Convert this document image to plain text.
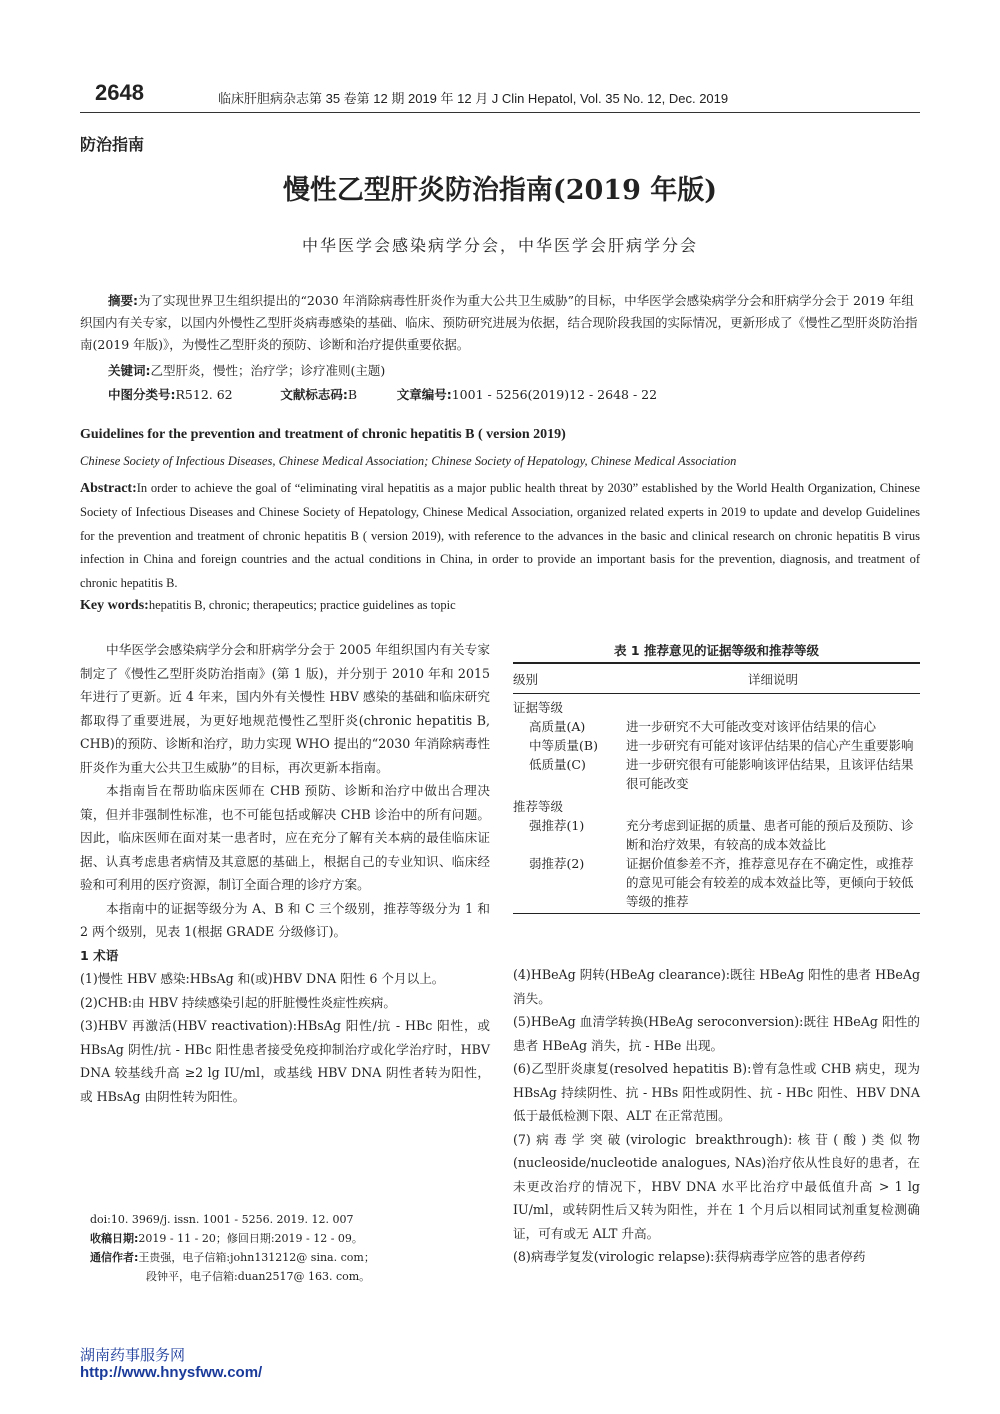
2648	临床肝胆病杂志第 35 卷第 12 期 2019 年 12 月 J Clin Hepatol, Vol. 35 No. 12, Dec. 2019
防治指南
慢性乙型肝炎防治指南(2019 年版)
中华医学会感染病学分会，中华医学会肝病学分会
摘要:为了实现世界卫生组织提出的“2030 年消除病毒性肝炎作为重大公共卫生威胁”的目标，中华医学会感染病学分会和肝病学分会于 2019 年组织国内有关专家，以国内外慢性乙型肝炎病毒感染的基础、临床、预防研究进展为依据，结合现阶段我国的实际情况，更新形成了《慢性乙型肝炎防治指南(2019 年版)》，为慢性乙型肝炎的预防、诊断和治疗提供重要依据。
关键词:乙型肝炎，慢性；治疗学；诊疗准则(主题)
中图分类号:R512. 62	文献标志码:B	文章编号:1001 - 5256(2019)12 - 2648 - 22
Guidelines for the prevention and treatment of chronic hepatitis B ( version 2019)
Chinese Society of Infectious Diseases, Chinese Medical Association; Chinese Society of Hepatology, Chinese Medical Association
Abstract:In order to achieve the goal of “eliminating viral hepatitis as a major public health threat by 2030” established by the World Health Organization, Chinese Society of Infectious Diseases and Chinese Society of Hepatology, Chinese Medical Association, organized related experts in 2019 to update and develop Guidelines for the prevention and treatment of chronic hepatitis B ( version 2019), with reference to the advances in the basic and clinical research on chronic hepatitis B virus infection in China and foreign countries and the actual conditions in China, in order to provide an important basis for the prevention, diagnosis, and treatment of chronic hepatitis B.
Key words:hepatitis B, chronic; therapeutics; practice guidelines as topic

中华医学会感染病学分会和肝病学分会于 2005 年组织国内有关专家制定了《慢性乙型肝炎防治指南》(第 1 版)，并分别于 2010 年和 2015 年进行了更新。近 4 年来，国内外有关慢性 HBV 感染的基础和临床研究都取得了重要进展，为更好地规范慢性乙型肝炎(chronic hepatitis B, CHB)的预防、诊断和治疗，助力实现 WHO 提出的“2030 年消除病毒性肝炎作为重大公共卫生威胁”的目标，再次更新本指南。

本指南旨在帮助临床医师在 CHB 预防、诊断和治疗中做出合理决策，但并非强制性标准，也不可能包括或解决 CHB 诊治中的所有问题。因此，临床医师在面对某一患者时，应在充分了解有关本病的最佳临床证据、认真考虑患者病情及其意愿的基础上，根据自己的专业知识、临床经验和可利用的医疗资源，制订全面合理的诊疗方案。

本指南中的证据等级分为 A、B 和 C 三个级别，推荐等级分为 1 和 2 两个级别，见表 1(根据 GRADE 分级修订)。

1 术语

(1)慢性 HBV 感染:HBsAg 和(或)HBV DNA 阳性 6 个月以上。

(2)CHB:由 HBV 持续感染引起的肝脏慢性炎症性疾病。

(3)HBV 再激活(HBV reactivation):HBsAg 阳性/抗 - HBc 阳性，或 HBsAg 阴性/抗 - HBc 阳性患者接受免疫抑制治疗或化学治疗时，HBV DNA 较基线升高 ≥2 lg IU/ml，或基线 HBV DNA 阴性者转为阳性，或 HBsAg 由阴性转为阳性。

表 1 推荐意见的证据等级和推荐等级
级别	详细说明
证据等级
高质量(A)	进一步研究不大可能改变对该评估结果的信心
中等质量(B)	进一步研究有可能对该评估结果的信心产生重要影响
低质量(C)	进一步研究很有可能影响该评估结果，且该评估结果很可能改变
推荐等级
强推荐(1)	充分考虑到证据的质量、患者可能的预后及预防、诊断和治疗效果，有较高的成本效益比
弱推荐(2)	证据价值参差不齐，推荐意见存在不确定性，或推荐的意见可能会有较差的成本效益比等，更倾向于较低等级的推荐

(4)HBeAg 阴转(HBeAg clearance):既往 HBeAg 阳性的患者 HBeAg 消失。

(5)HBeAg 血清学转换(HBeAg seroconversion):既往 HBeAg 阳性的患者 HBeAg 消失，抗 - HBe 出现。

(6)乙型肝炎康复(resolved hepatitis B):曾有急性或 CHB 病史，现为 HBsAg 持续阴性、抗 - HBs 阳性或阴性、抗 - HBc 阳性、HBV DNA 低于最低检测下限、ALT 在正常范围。

(7)病毒学突破(virologic breakthrough):核苷(酸)类似物(nucleoside/nucleotide analogues, NAs)治疗依从性良好的患者，在未更改治疗的情况下，HBV DNA 水平比治疗中最低值升高 > 1 lg IU/ml，或转阴性后又转为阳性，并在 1 个月后以相同试剂重复检测确证，可有或无 ALT 升高。

(8)病毒学复发(virologic relapse):获得病毒学应答的患者停药

doi:10. 3969/j. issn. 1001 - 5256. 2019. 12. 007
收稿日期:2019 - 11 - 20；修回日期:2019 - 12 - 09。
通信作者:王贵强，电子信箱:john131212@ sina. com；
段钟平，电子信箱:duan2517@ 163. com。
湖南药事服务网
http://www.hnysfww.com/
